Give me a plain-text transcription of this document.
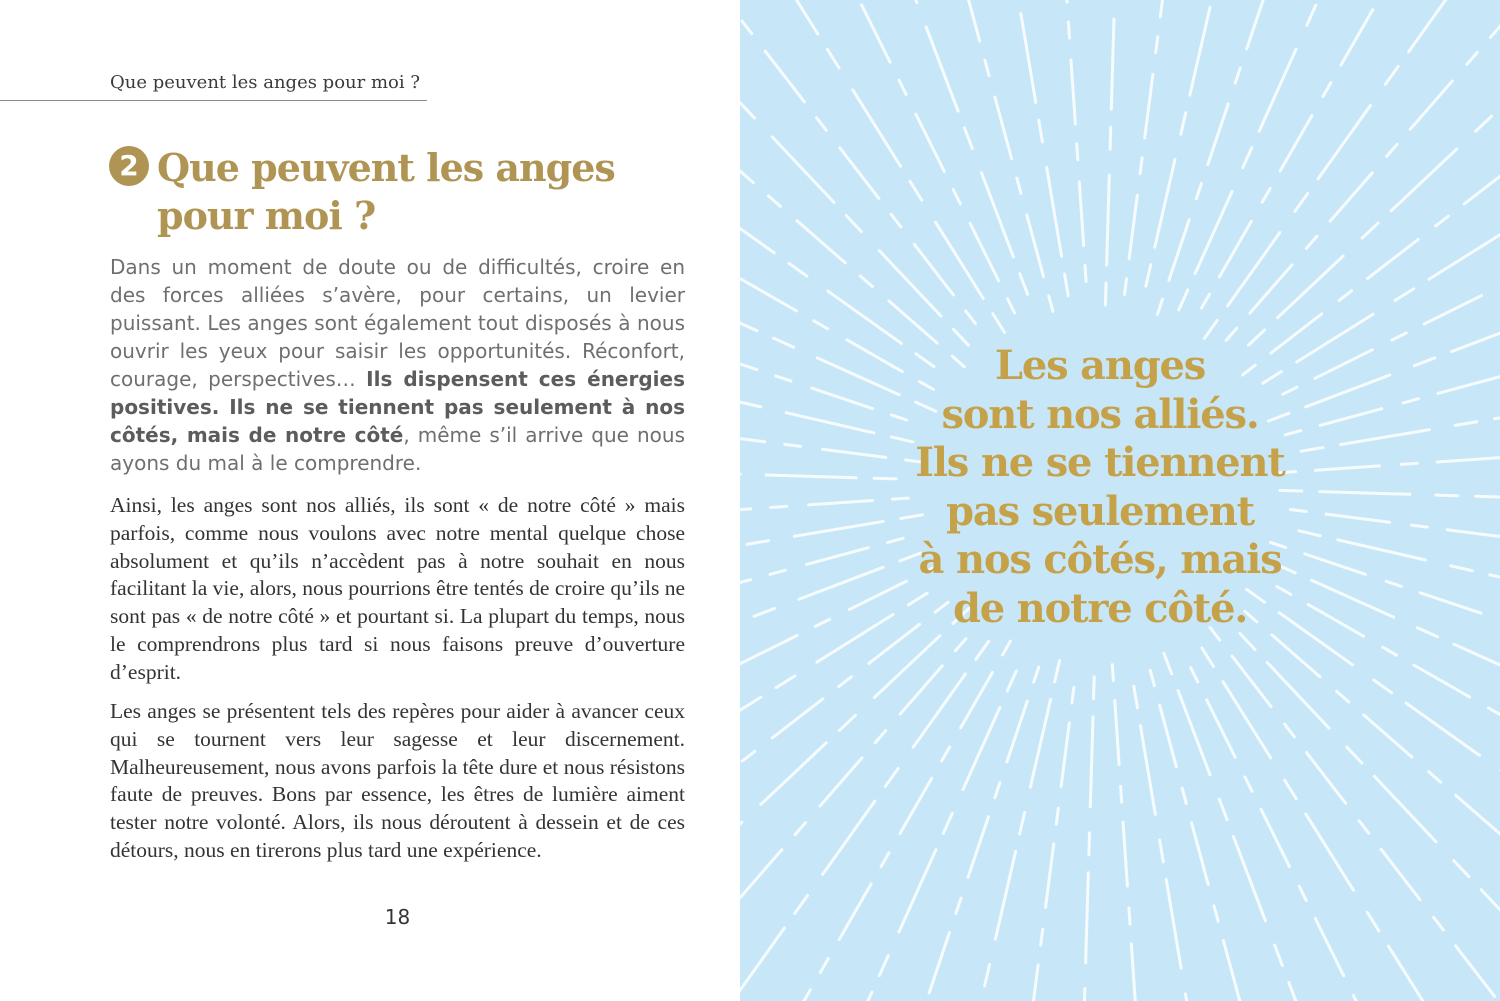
Que peuvent les anges pour moi ?
2 Que peuvent les anges
pour moi ?

Dans un moment de doute ou de difficultés, croire en des forces alliées s’avère, pour certains, un levier puissant. Les anges sont également tout disposés à nous ouvrir les yeux pour saisir les opportunités. Réconfort, courage, perspectives… Ils dispensent ces énergies positives. Ils ne se tiennent pas seulement à nos côtés, mais de notre côté, même s’il arrive que nous ayons du mal à le comprendre.

Ainsi, les anges sont nos alliés, ils sont « de notre côté » mais parfois, comme nous voulons avec notre mental quelque chose absolument et qu’ils n’accèdent pas à notre souhait en nous facilitant la vie, alors, nous pourrions être tentés de croire qu’ils ne sont pas « de notre côté » et pourtant si. La plupart du temps, nous le comprendrons plus tard si nous faisons preuve d’ouverture d’esprit.

Les anges se présentent tels des repères pour aider à avancer ceux qui se tournent vers leur sagesse et leur discernement. Malheureusement, nous avons parfois la tête dure et nous résistons faute de preuves. Bons par essence, les êtres de lumière aiment tester notre volonté. Alors, ils nous déroutent à dessein et de ces détours, nous en tirerons plus tard une expérience.

18
Les anges
sont nos alliés.
Ils ne se tiennent
pas seulement
à nos côtés, mais
de notre côté.
